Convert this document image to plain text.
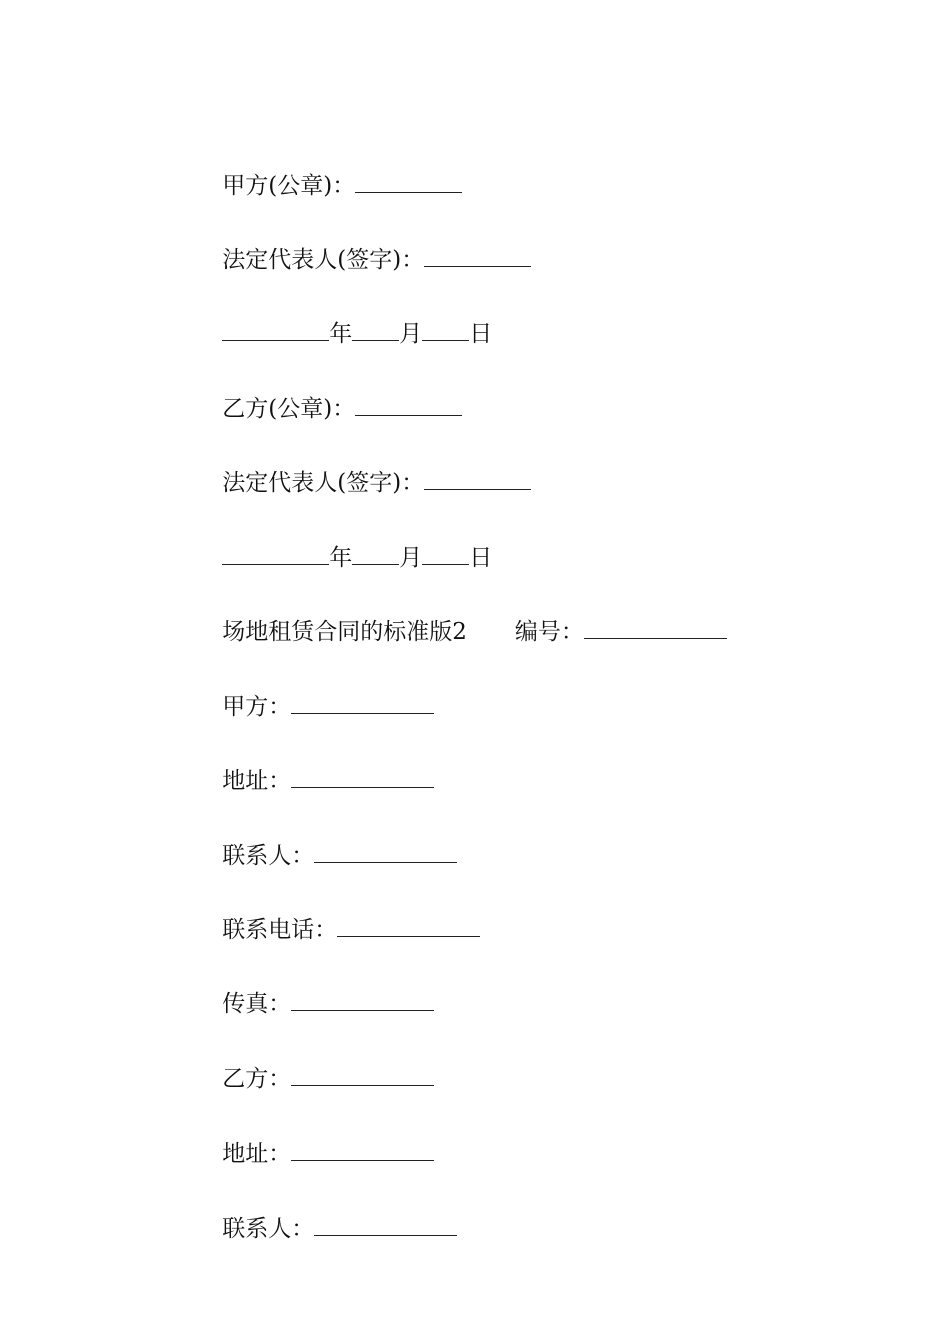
甲方(公章)：

法定代表人(签字)：

年 月 日

乙方(公章)：

法定代表人(签字)：

年 月 日

场地租赁合同的标准版2 编号：

甲方：

地址：

联系人：

联系电话：

传真：

乙方：

地址：

联系人：
